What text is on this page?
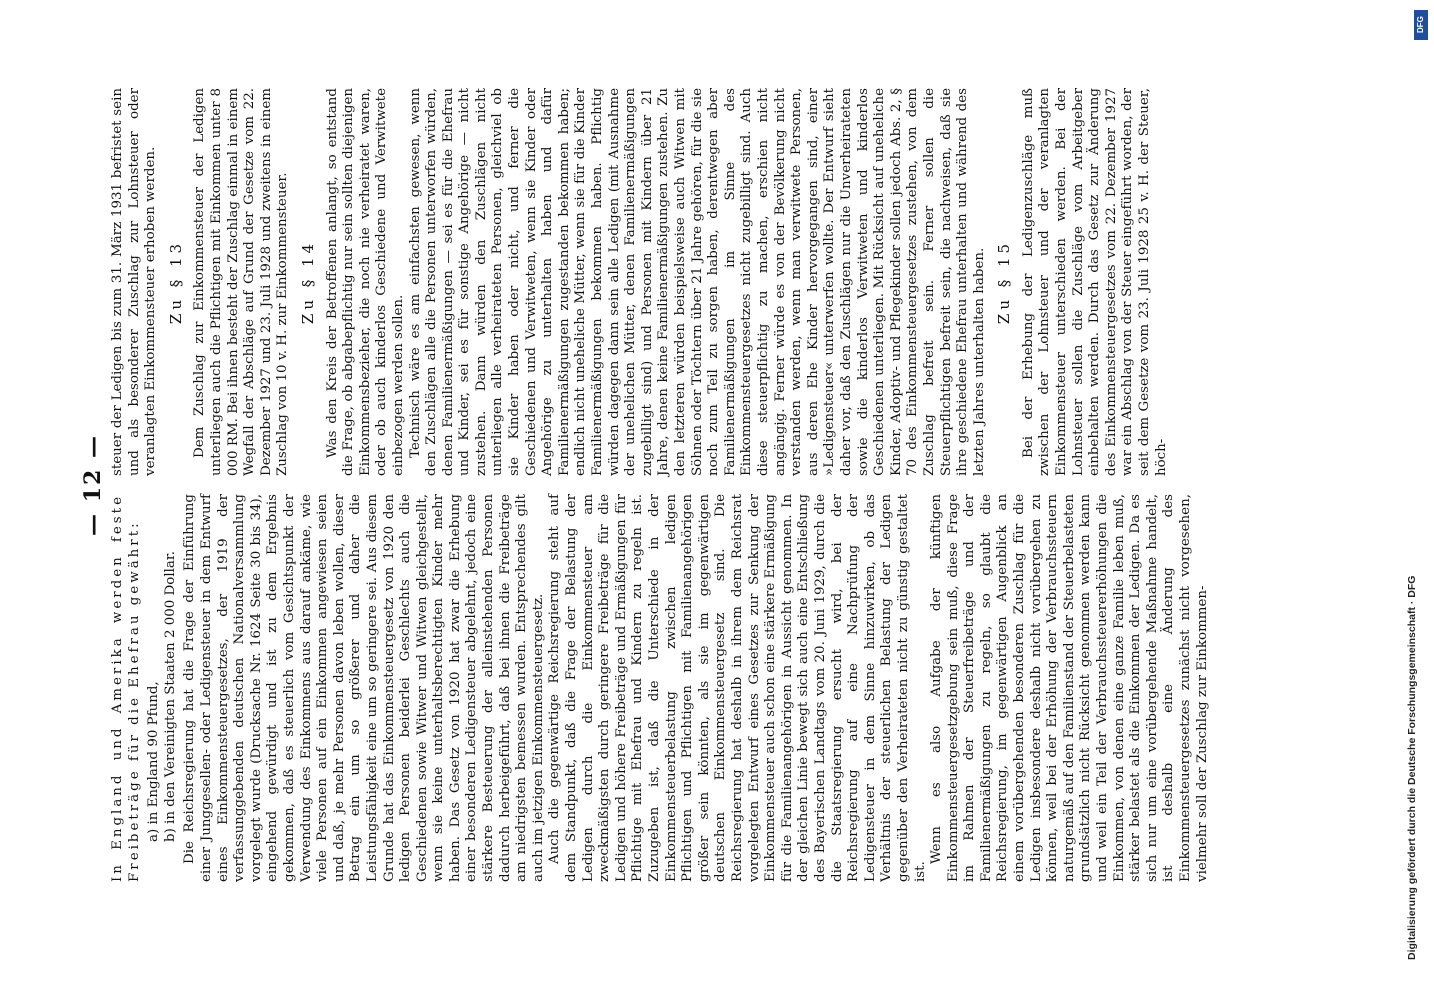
— 12 —

In England und Amerika werden feste Freibeträge für die Ehefrau gewährt: a) in England 90 Pfund, b) in den Vereinigten Staaten 2 000 Dollar. Die Reichsregierung hat die Frage der Einführung einer Junggesellen- oder Ledigensteuer in dem Entwurf eines Einkommensteuergesetzes, der 1919 der verfassunggebenden deutschen Nationalversammlung vorgelegt wurde (Drucksache Nr. 1624 Seite 30 bis 34), eingehend gewürdigt und ist zu dem Ergebnis gekommen, daß es steuerlich vom Gesichtspunkt der Verwendung des Einkommens aus darauf ankäme, wie viele Personen auf ein Einkommen angewiesen seien und daß, je mehr Personen davon leben wollen, dieser Betrag ein um so größerer und daher die Leistungsfähigkeit eine um so geringere sei. Aus diesem Grunde hat das Einkommensteuergesetz von 1920 den ledigen Personen beiderlei Geschlechts auch die Geschiedenen sowie Witwer und Witwen gleichgestellt, wenn sie keine unterhaltsberechtigten Kinder mehr haben. Das Gesetz von 1920 hat zwar die Erhebung einer besonderen Ledigensteuer abgelehnt, jedoch eine stärkere Besteuerung der alleinstehenden Personen dadurch herbeigeführt, daß bei ihnen die Freibeträge am niedrigsten bemessen wurden. Entsprechendes gilt auch im jetzigen Einkommensteuergesetz. Auch die gegenwärtige Reichsregierung steht auf dem Standpunkt, daß die Frage der Belastung der Ledigen durch die Einkommensteuer am zweckmäßigsten durch geringere Freibeträge für die Ledigen und höhere Freibeträge und Ermäßigungen für Pflichtige mit Ehefrau und Kindern zu regeln ist. Zuzugeben ist, daß die Unterschiede in der Einkommensteuerbelastung zwischen ledigen Pflichtigen und Pflichtigen mit Familienangehörigen größer sein könnten, als sie im gegenwärtigen deutschen Einkommensteuergesetz sind. Die Reichsregierung hat deshalb in ihrem dem Reichsrat vorgelegten Entwurf eines Gesetzes zur Senkung der Einkommensteuer auch schon eine stärkere Ermäßigung für die Familienangehörigen in Aussicht genommen. In der gleichen Linie bewegt sich auch eine Entschließung des Bayerischen Landtags vom 20. Juni 1929, durch die die Staatsregierung ersucht wird, bei der Reichsregierung auf eine Nachprüfung der Ledigensteuer in dem Sinne hinzuwirken, ob das Verhältnis der steuerlichen Belastung der Ledigen gegenüber den Verheirateten nicht zu günstig gestaltet ist.

Wenn es also Aufgabe der künftigen Einkommensteuergesetzgebung sein muß, diese Frage im Rahmen der Steuerfreibeträge und der Familienermäßigungen zu regeln, so glaubt die Reichsregierung, im gegenwärtigen Augenblick an einem vorübergehenden besonderen Zuschlag für die Ledigen insbesondere deshalb nicht vorübergehen zu können, weil bei der Erhöhung der Verbrauchssteuern naturgemäß auf den Familienstand der Steuerbelasteten grundsätzlich nicht Rücksicht genommen werden kann und weil ein Teil der Verbrauchssteuererhöhungen die Einkommen, von denen eine ganze Familie leben muß, stärker belastet als die Einkommen der Ledigen. Da es sich nur um eine vorübergehende Maßnahme handelt, ist deshalb eine Änderung des Einkommensteuergesetzes zunächst nicht vorgesehen, vielmehr soll der Zuschlag zur Einkommen-

steuer der Ledigen bis zum 31. März 1931 befristet sein und als besonderer Zuschlag zur Lohnsteuer oder veranlagten Einkommensteuer erhoben werden. Zu § 13 Dem Zuschlag zur Einkommensteuer der Ledigen unterliegen auch die Pflichtigen mit Einkommen unter 8 000 RM. Bei ihnen besteht der Zuschlag einmal in einem Wegfall der Abschläge auf Grund der Gesetze vom 22. Dezember 1927 und 23. Juli 1928 und zweitens in einem Zuschlag von 10 v. H. zur Einkommensteuer. Zu § 14 Was den Kreis der Betroffenen anlangt, so entstand die Frage, ob abgabepflichtig nur sein sollten diejenigen Einkommensbezieher, die noch nie verheiratet waren, oder ob auch kinderlos Geschiedene und Verwitwete einbezogen werden sollen. Technisch wäre es am einfachsten gewesen, wenn den Zuschlägen alle die Personen unterworfen würden, denen Familienermäßigungen — sei es für die Ehefrau und Kinder, sei es für sonstige Angehörige — nicht zustehen. Dann würden den Zuschlägen nicht unterliegen alle verheirateten Personen, gleichviel ob sie Kinder haben oder nicht, und ferner die Geschiedenen und Verwitweten, wenn sie Kinder oder Angehörige zu unterhalten haben und dafür Familienermäßigungen zugestanden bekommen haben; endlich nicht uneheliche Mütter, wenn sie für die Kinder Familienermäßigungen bekommen haben. Pflichtig würden dagegen dann sein alle Ledigen (mit Ausnahme der unehelichen Mütter, denen Familienermäßigungen zugebilligt sind) und Personen mit Kindern über 21 Jahre, denen keine Familienermäßigungen zustehen. Zu den letzteren würden beispielsweise auch Witwen mit Söhnen oder Töchtern über 21 Jahre gehören, für die sie noch zum Teil zu sorgen haben, derentwegen aber Familienermäßigungen im Sinne des Einkommensteuergesetzes nicht zugebilligt sind. Auch diese steuerpflichtig zu machen, erschien nicht angängig. Ferner würde es von der Bevölkerung nicht verstanden werden, wenn man verwitwete Personen, aus deren Ehe Kinder hervorgegangen sind, einer »Ledigensteuer« unterwerfen wollte. Der Entwurf sieht daher vor, daß den Zuschlägen nur die Unverheirateten sowie die kinderlos Verwitweten und kinderlos Geschiedenen unterliegen. Mit Rücksicht auf uneheliche Kinder, Adoptiv- und Pflegekinder sollen jedoch Abs. 2, § 70 des Einkommensteuergesetzes zustehen, von dem Zuschlag befreit sein. Ferner sollen die Steuerpflichtigen befreit sein, die nachweisen, daß sie ihre geschiedene Ehefrau unterhalten und während des letzten Jahres unterhalten haben. Zu § 15 Bei der Erhebung der Ledigenzuschläge muß zwischen der Lohnsteuer und der veranlagten Einkommensteuer unterschieden werden. Bei der Lohnsteuer sollen die Zuschläge vom Arbeitgeber einbehalten werden. Durch das Gesetz zur Änderung des Einkommensteuergesetzes vom 22. Dezember 1927 war ein Abschlag von der Steuer eingeführt worden, der seit dem Gesetze vom 23. Juli 1928 25 v. H. der Steuer, höch-

DFG
Digitalisierung gefördert durch die Deutsche Forschungsgemeinschaft · DFG
